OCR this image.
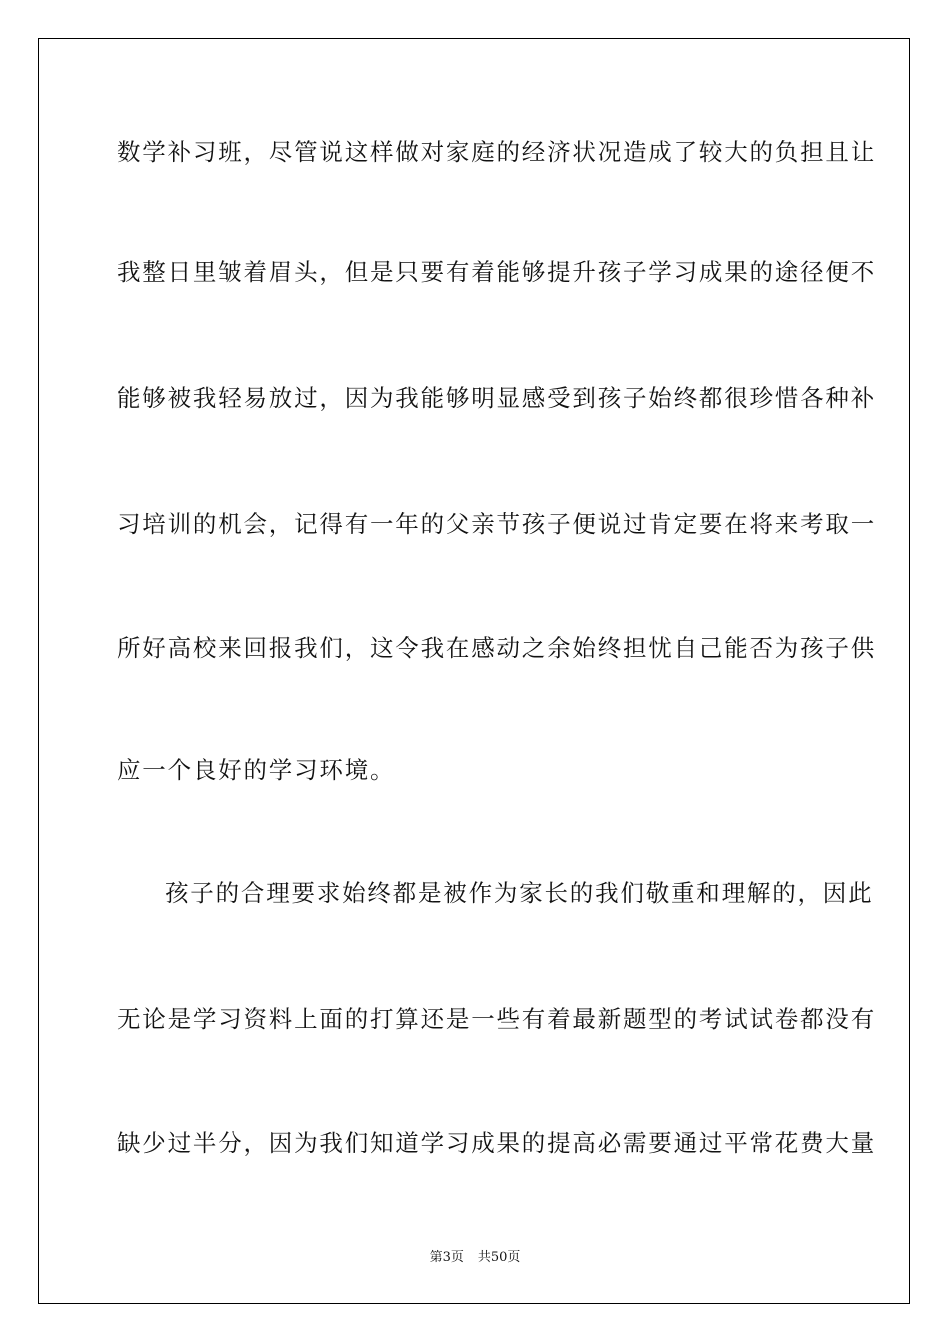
数学补习班，尽管说这样做对家庭的经济状况造成了较大的负担且让
我整日里皱着眉头，但是只要有着能够提升孩子学习成果的途径便不
能够被我轻易放过，因为我能够明显感受到孩子始终都很珍惜各种补
习培训的机会，记得有一年的父亲节孩子便说过肯定要在将来考取一
所好高校来回报我们，这令我在感动之余始终担忧自己能否为孩子供
应一个良好的学习环境。
孩子的合理要求始终都是被作为家长的我们敬重和理解的，因此
无论是学习资料上面的打算还是一些有着最新题型的考试试卷都没有
缺少过半分，因为我们知道学习成果的提高必需要通过平常花费大量
第3页 共50页
